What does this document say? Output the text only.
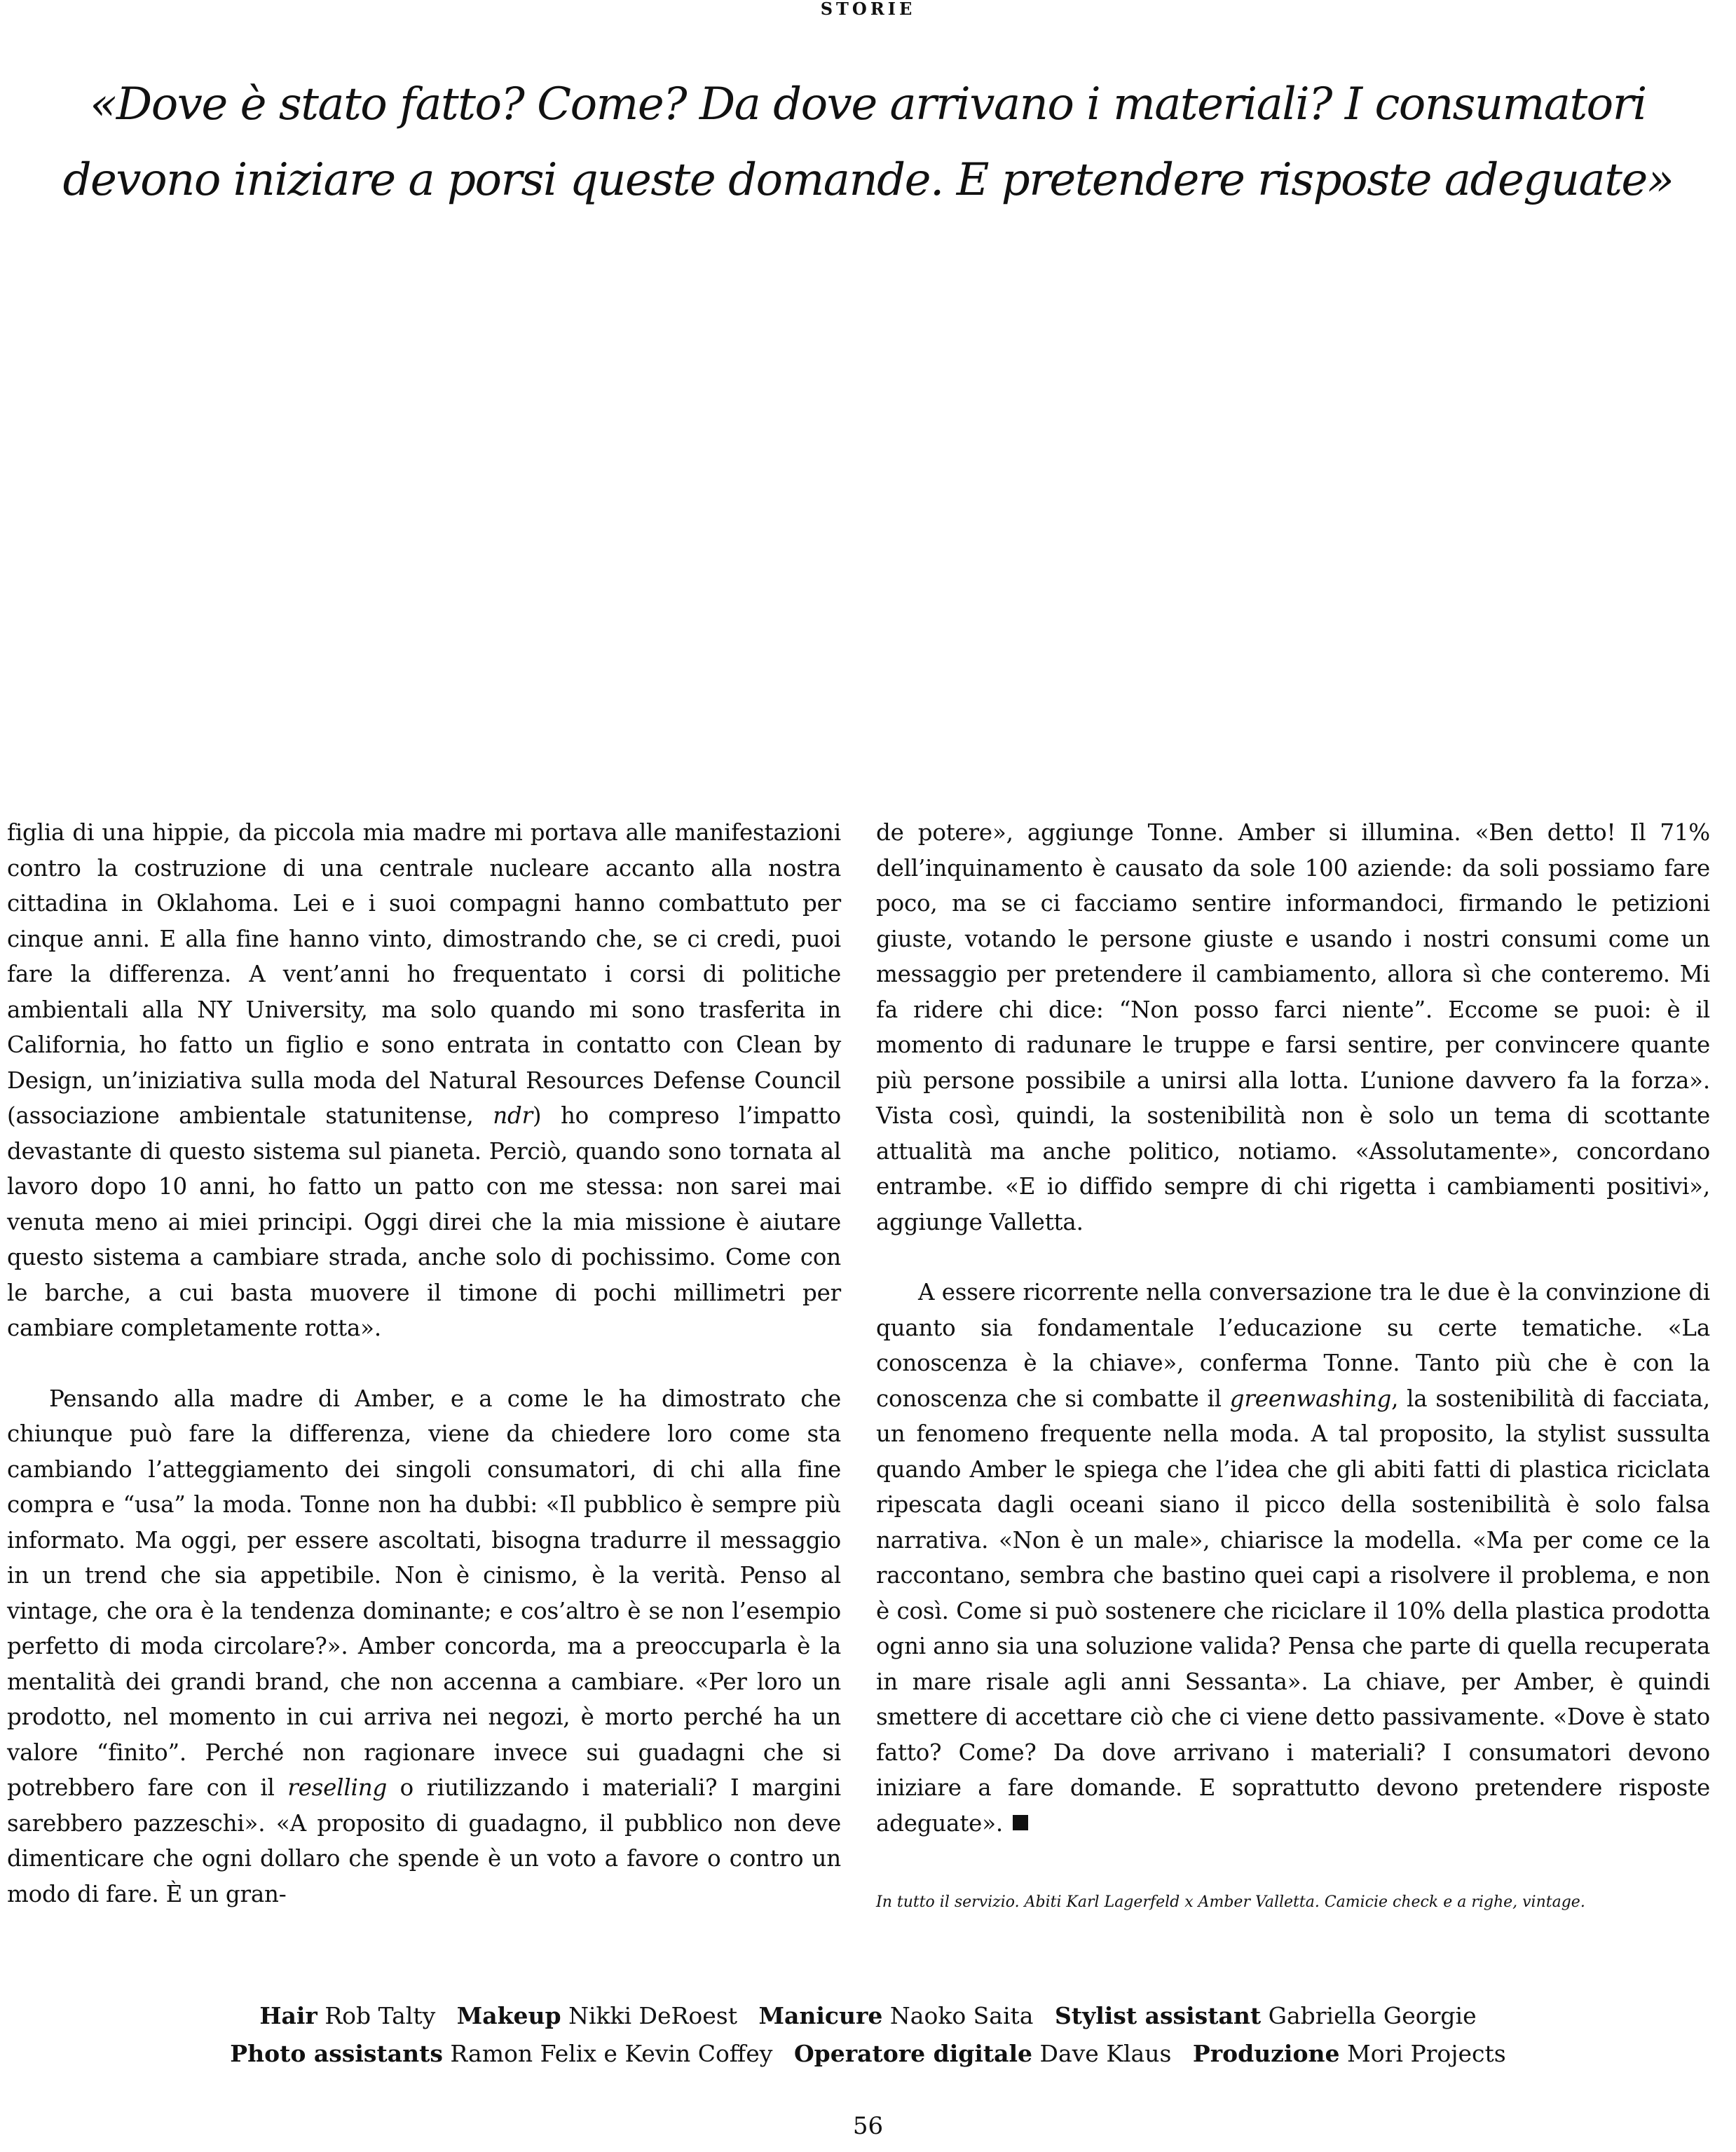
STORIE
«Dove è stato fatto? Come? Da dove arrivano i materiali? I consumatori
devono iniziare a porsi queste domande. E pretendere risposte adeguate»

figlia di una hippie, da piccola mia madre mi portava alle manifestazioni contro la costruzione di una centrale nucleare accanto alla nostra cittadina in Oklahoma. Lei e i suoi compagni hanno combattuto per cinque anni. E alla fine hanno vinto, dimostrando che, se ci credi, puoi fare la differenza. A vent’anni ho frequentato i corsi di politiche ambientali alla NY University, ma solo quando mi sono trasferita in California, ho fatto un figlio e sono entrata in contatto con Clean by Design, un’iniziativa sulla moda del Natural Resources Defense Council (associazione ambientale statunitense, ndr) ho compreso l’impatto devastante di questo sistema sul pianeta. Perciò, quando sono tornata al lavoro dopo 10 anni, ho fatto un patto con me stessa: non sarei mai venuta meno ai miei principi. Oggi direi che la mia missione è aiutare questo sistema a cambiare strada, anche solo di pochissimo. Come con le barche, a cui basta muovere il timone di pochi millimetri per cambiare completamente rotta».

Pensando alla madre di Amber, e a come le ha dimostrato che chiunque può fare la differenza, viene da chiedere loro come sta cambiando l’atteggiamento dei singoli consumatori, di chi alla fine compra e “usa” la moda. Tonne non ha dubbi: «Il pubblico è sempre più informato. Ma oggi, per essere ascoltati, bisogna tradurre il messaggio in un trend che sia appetibile. Non è cinismo, è la verità. Penso al vintage, che ora è la tendenza dominante; e cos’altro è se non l’esempio perfetto di moda circolare?». Amber concorda, ma a preoccuparla è la mentalità dei grandi brand, che non accenna a cambiare. «Per loro un prodotto, nel momento in cui arriva nei negozi, è morto perché ha un valore “finito”. Perché non ragionare invece sui guadagni che si potrebbero fare con il reselling o riutilizzando i materiali? I margini sarebbero pazzeschi». «A proposito di guadagno, il pubblico non deve dimenticare che ogni dollaro che spende è un voto a favore o contro un modo di fare. È un gran-

de potere», aggiunge Tonne. Amber si illumina. «Ben detto! Il 71% dell’inquinamento è causato da sole 100 aziende: da soli possiamo fare poco, ma se ci facciamo sentire informandoci, firmando le petizioni giuste, votando le persone giuste e usando i nostri consumi come un messaggio per pretendere il cambiamento, allora sì che conteremo. Mi fa ridere chi dice: “Non posso farci niente”. Eccome se puoi: è il momento di radunare le truppe e farsi sentire, per convincere quante più persone possibile a unirsi alla lotta. L’unione davvero fa la forza». Vista così, quindi, la sostenibilità non è solo un tema di scottante attualità ma anche politico, notiamo. «Assolutamente», concordano entrambe. «E io diffido sempre di chi rigetta i cambiamenti positivi», aggiunge Valletta.

A essere ricorrente nella conversazione tra le due è la convinzione di quanto sia fondamentale l’educazione su certe tematiche. «La conoscenza è la chiave», conferma Tonne. Tanto più che è con la conoscenza che si combatte il greenwashing, la sostenibilità di facciata, un fenomeno frequente nella moda. A tal proposito, la stylist sussulta quando Amber le spiega che l’idea che gli abiti fatti di plastica riciclata ripescata dagli oceani siano il picco della sostenibilità è solo falsa narrativa. «Non è un male», chiarisce la modella. «Ma per come ce la raccontano, sembra che bastino quei capi a risolvere il problema, e non è così. Come si può sostenere che riciclare il 10% della plastica prodotta ogni anno sia una soluzione valida? Pensa che parte di quella recuperata in mare risale agli anni Sessanta». La chiave, per Amber, è quindi smettere di accettare ciò che ci viene detto passivamente. «Dove è stato fatto? Come? Da dove arrivano i materiali? I consumatori devono iniziare a fare domande. E soprattutto devono pretendere risposte adeguate».

In tutto il servizio. Abiti Karl Lagerfeld x Amber Valletta. Camicie check e a righe, vintage.
Hair Rob Talty Makeup Nikki DeRoest Manicure Naoko Saita Stylist assistant Gabriella Georgie
Photo assistants Ramon Felix e Kevin Coffey Operatore digitale Dave Klaus Produzione Mori Projects
56
